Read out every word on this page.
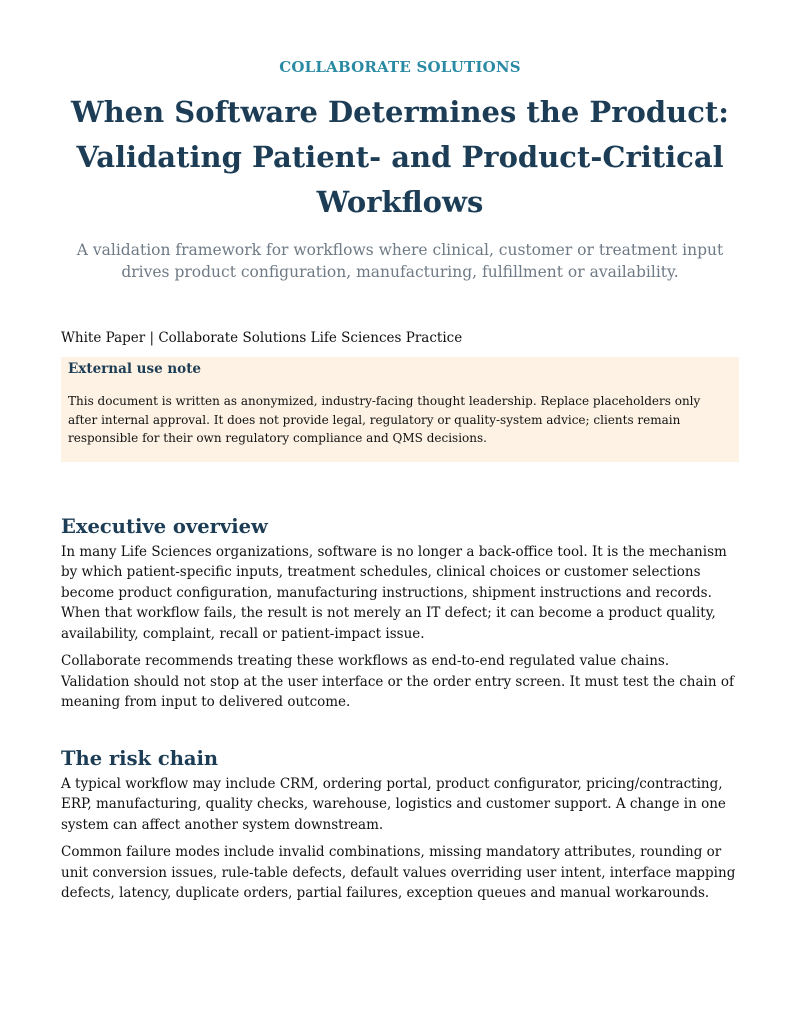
COLLABORATE SOLUTIONS

When Software Determines the Product: Validating Patient- and Product-Critical Workflows

A validation framework for workflows where clinical, customer or treatment input drives product configuration, manufacturing, fulfillment or availability.

White Paper | Collaborate Solutions Life Sciences Practice

External use note

This document is written as anonymized, industry-facing thought leadership. Replace placeholders only after internal approval. It does not provide legal, regulatory or quality-system advice; clients remain responsible for their own regulatory compliance and QMS decisions.

Executive overview

In many Life Sciences organizations, software is no longer a back-office tool. It is the mechanism by which patient-specific inputs, treatment schedules, clinical choices or customer selections become product configuration, manufacturing instructions, shipment instructions and records. When that workflow fails, the result is not merely an IT defect; it can become a product quality, availability, complaint, recall or patient-impact issue.

Collaborate recommends treating these workflows as end-to-end regulated value chains. Validation should not stop at the user interface or the order entry screen. It must test the chain of meaning from input to delivered outcome.

The risk chain

A typical workflow may include CRM, ordering portal, product configurator, pricing/contracting, ERP, manufacturing, quality checks, warehouse, logistics and customer support. A change in one system can affect another system downstream.

Common failure modes include invalid combinations, missing mandatory attributes, rounding or unit conversion issues, rule-table defects, default values overriding user intent, interface mapping defects, latency, duplicate orders, partial failures, exception queues and manual workarounds.
